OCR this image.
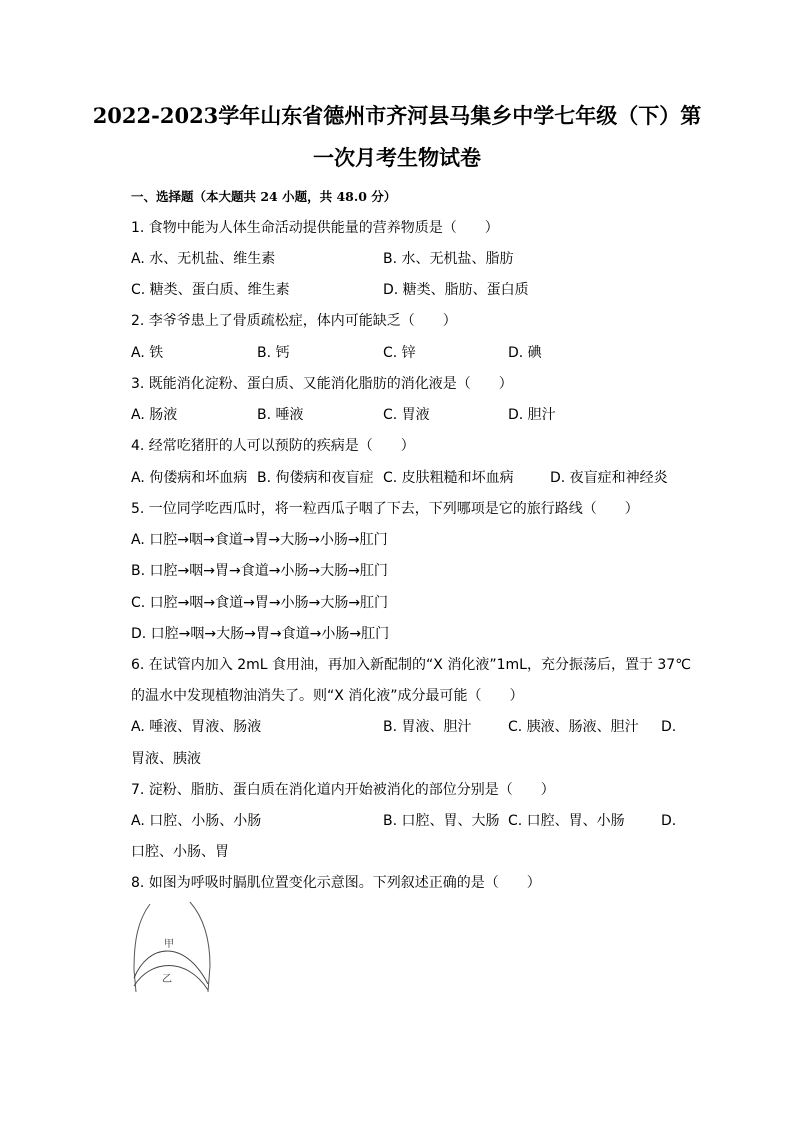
2022-2023学年山东省德州市齐河县马集乡中学七年级（下）第
一次月考生物试卷
一、选择题（本大题共 24 小题，共 48.0 分）
1. 食物中能为人体生命活动提供能量的营养物质是（　　）
A. 水、无机盐、维生素	B. 水、无机盐、脂肪
C. 糖类、蛋白质、维生素	D. 糖类、脂肪、蛋白质
2. 李爷爷患上了骨质疏松症，体内可能缺乏（　　）
A. 铁	B. 钙	C. 锌	D. 碘
3. 既能消化淀粉、蛋白质、又能消化脂肪的消化液是（　　）
A. 肠液	B. 唾液	C. 胃液	D. 胆汁
4. 经常吃猪肝的人可以预防的疾病是（　　）
A. 佝偻病和坏血病 B. 佝偻病和夜盲症 C. 皮肤粗糙和坏血病	D. 夜盲症和神经炎
5. 一位同学吃西瓜时，将一粒西瓜子咽了下去，下列哪项是它的旅行路线（　　）
A. 口腔→咽→食道→胃→大肠→小肠→肛门
B. 口腔→咽→胃→食道→小肠→大肠→肛门
C. 口腔→咽→食道→胃→小肠→大肠→肛门
D. 口腔→咽→大肠→胃→食道→小肠→肛门
6. 在试管内加入 2mL 食用油，再加入新配制的“X 消化液”1mL，充分振荡后，置于 37℃
的温水中发现植物油消失了。则“X 消化液”成分最可能（　　）
A. 唾液、胃液、肠液	B. 胃液、胆汁	C. 胰液、肠液、胆汁 D.
胃液、胰液
7. 淀粉、脂肪、蛋白质在消化道内开始被消化的部位分别是（　　）
A. 口腔、小肠、小肠	B. 口腔、胃、大肠 C. 口腔、胃、小肠	D.
口腔、小肠、胃
8. 如图为呼吸时膈肌位置变化示意图。下列叙述正确的是（　　）
甲
乙
